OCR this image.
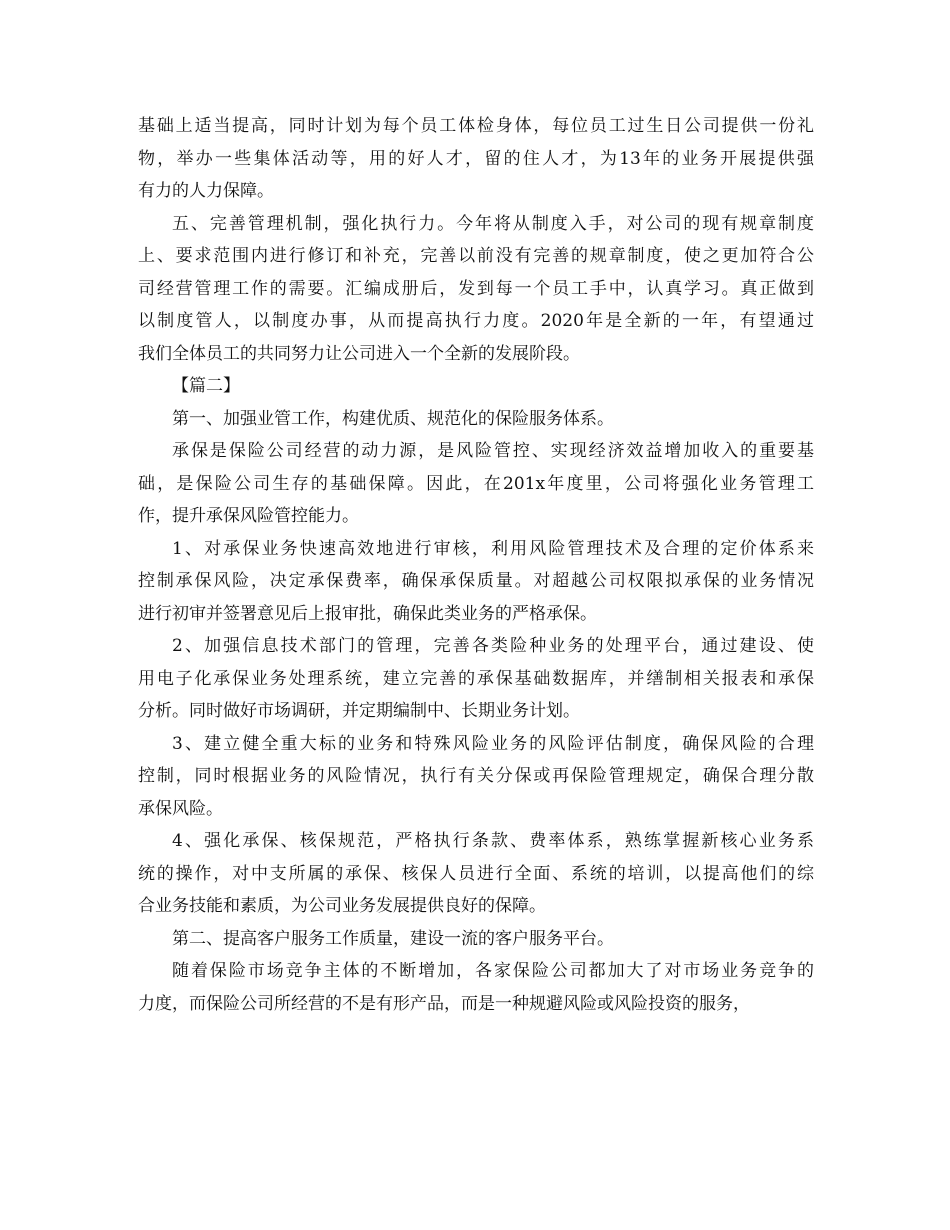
基础上适当提高，同时计划为每个员工体检身体，每位员工过生日公司提供一份礼
物，举办一些集体活动等，用的好人才，留的住人才，为13年的业务开展提供强
有力的人力保障。
五、完善管理机制，强化执行力。今年将从制度入手，对公司的现有规章制度
上、要求范围内进行修订和补充，完善以前没有完善的规章制度，使之更加符合公
司经营管理工作的需要。汇编成册后，发到每一个员工手中，认真学习。真正做到
以制度管人，以制度办事，从而提高执行力度。2020年是全新的一年，有望通过
我们全体员工的共同努力让公司进入一个全新的发展阶段。
【篇二】
第一、加强业管工作，构建优质、规范化的保险服务体系。
承保是保险公司经营的动力源，是风险管控、实现经济效益增加收入的重要基
础，是保险公司生存的基础保障。因此，在201x年度里，公司将强化业务管理工
作，提升承保风险管控能力。
1、对承保业务快速高效地进行审核，利用风险管理技术及合理的定价体系来
控制承保风险，决定承保费率，确保承保质量。对超越公司权限拟承保的业务情况
进行初审并签署意见后上报审批，确保此类业务的严格承保。
2、加强信息技术部门的管理，完善各类险种业务的处理平台，通过建设、使
用电子化承保业务处理系统，建立完善的承保基础数据库，并缮制相关报表和承保
分析。同时做好市场调研，并定期编制中、长期业务计划。
3、建立健全重大标的业务和特殊风险业务的风险评估制度，确保风险的合理
控制，同时根据业务的风险情况，执行有关分保或再保险管理规定，确保合理分散
承保风险。
4、强化承保、核保规范，严格执行条款、费率体系，熟练掌握新核心业务系
统的操作，对中支所属的承保、核保人员进行全面、系统的培训，以提高他们的综
合业务技能和素质，为公司业务发展提供良好的保障。
第二、提高客户服务工作质量，建设一流的客户服务平台。
随着保险市场竞争主体的不断增加，各家保险公司都加大了对市场业务竞争的
力度，而保险公司所经营的不是有形产品，而是一种规避风险或风险投资的服务，
